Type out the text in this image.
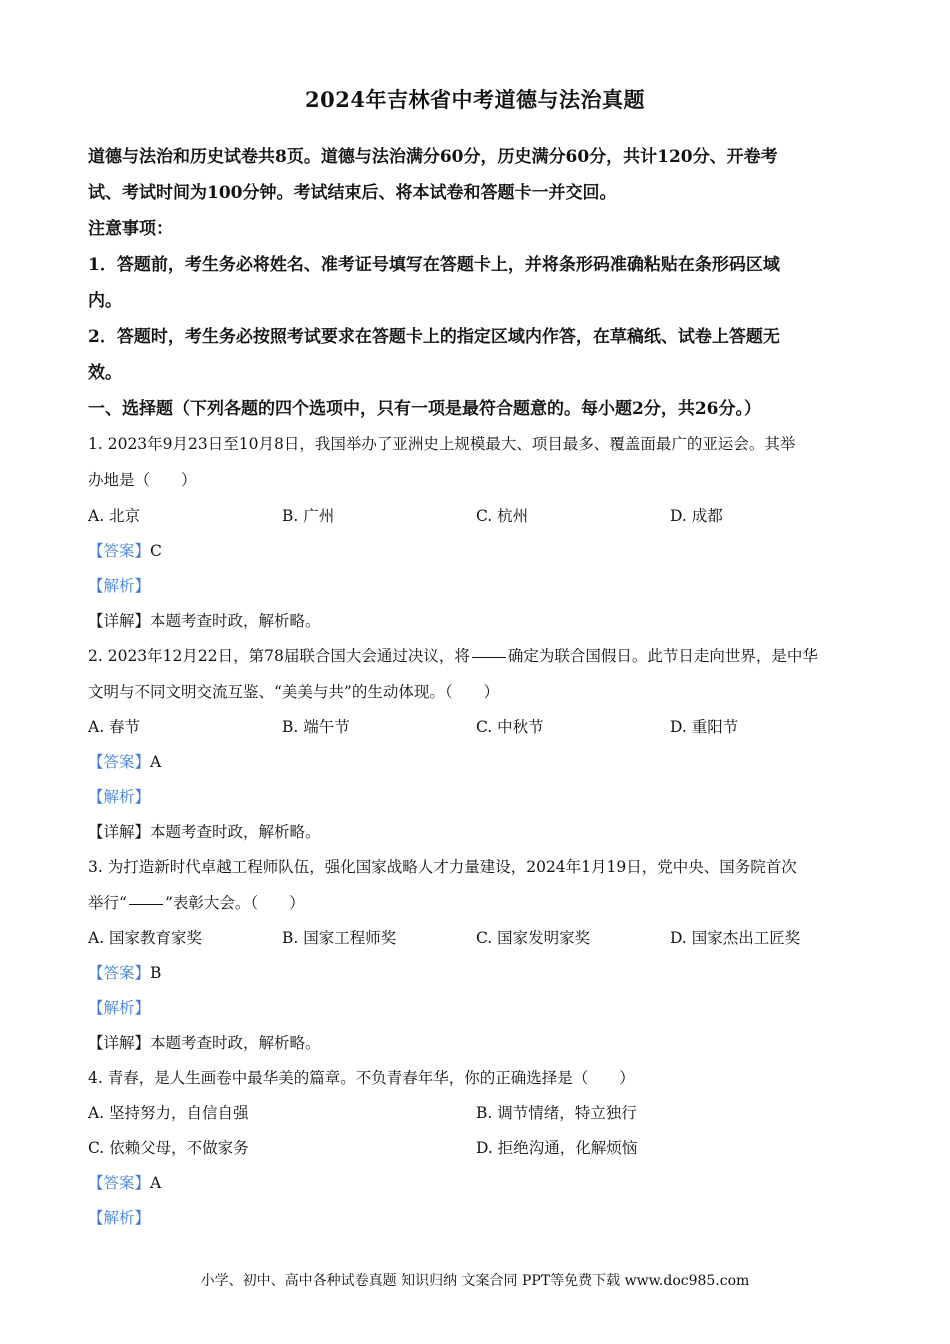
2024年吉林省中考道德与法治真题
道德与法治和历史试卷共8页。道德与法治满分60分，历史满分60分，共计120分、开卷考
试、考试时间为100分钟。考试结束后、将本试卷和答题卡一并交回。
注意事项：
1．答题前，考生务必将姓名、准考证号填写在答题卡上，并将条形码准确粘贴在条形码区域
内。
2．答题时，考生务必按照考试要求在答题卡上的指定区域内作答，在草稿纸、试卷上答题无
效。
一、选择题（下列各题的四个选项中，只有一项是最符合题意的。每小题2分，共26分。）
1. 2023年9月23日至10月8日，我国举办了亚洲史上规模最大、项目最多、覆盖面最广的亚运会。其举
办地是（　　）
A. 北京	B. 广州	C. 杭州	D. 成都
【答案】C
【解析】
【详解】本题考查时政，解析略。
2. 2023年12月22日，第78届联合国大会通过决议，将 确定为联合国假日。此节日走向世界，是中华
文明与不同文明交流互鉴、“美美与共”的生动体现。（　　）
A. 春节	B. 端午节	C. 中秋节	D. 重阳节
【答案】A
【解析】
【详解】本题考查时政，解析略。
3. 为打造新时代卓越工程师队伍，强化国家战略人才力量建设，2024年1月19日，党中央、国务院首次
举行“ ”表彰大会。（　　）
A. 国家教育家奖	B. 国家工程师奖	C. 国家发明家奖	D. 国家杰出工匠奖
【答案】B
【解析】
【详解】本题考查时政，解析略。
4. 青春，是人生画卷中最华美的篇章。不负青春年华，你的正确选择是（　　）
A. 坚持努力，自信自强	B. 调节情绪，特立独行
C. 依赖父母，不做家务	D. 拒绝沟通，化解烦恼
【答案】A
【解析】
小学、初中、高中各种试卷真题 知识归纳 文案合同 PPT等免费下载 www.doc985.com
